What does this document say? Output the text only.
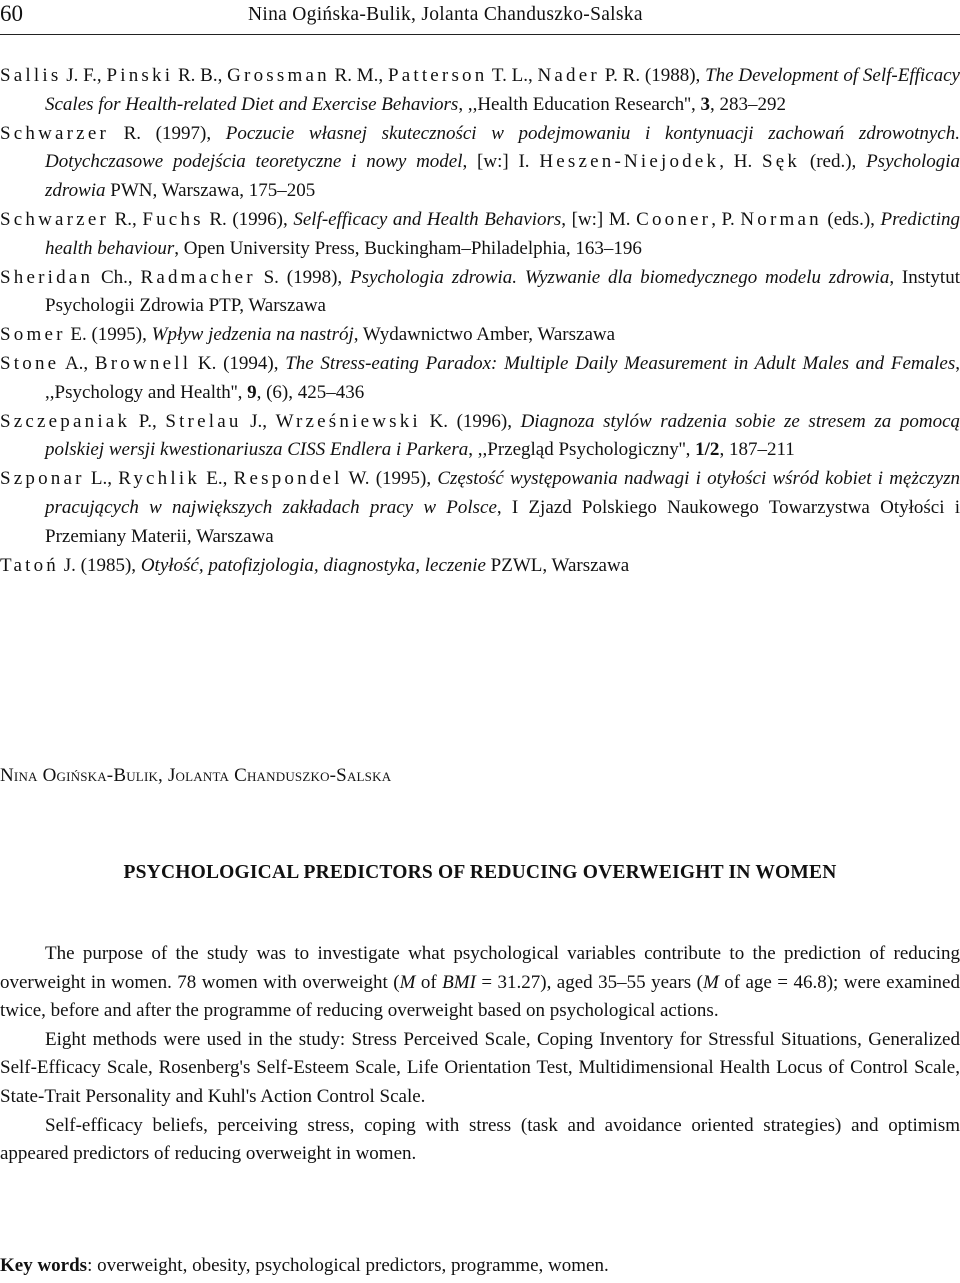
60	Nina Ogińska-Bulik, Jolanta Chanduszko-Salska
Sallis J. F., Pinski R. B., Grossman R. M., Patterson T. L., Nader P. R. (1988), The Development of Self-Efficacy Scales for Health-related Diet and Exercise Behaviors, ,,Health Education Research'', 3, 283–292
Schwarzer R. (1997), Poczucie własnej skuteczności w podejmowaniu i kontynuacji zachowań zdrowotnych. Dotychczasowe podejścia teoretyczne i nowy model, [w:] I. Heszen-Niejodek, H. Sęk (red.), Psychologia zdrowia PWN, Warszawa, 175–205
Schwarzer R., Fuchs R. (1996), Self-efficacy and Health Behaviors, [w:] M. Cooner, P. Norman (eds.), Predicting health behaviour, Open University Press, Buckingham–Philadelphia, 163–196
Sheridan Ch., Radmacher S. (1998), Psychologia zdrowia. Wyzwanie dla biomedycznego modelu zdrowia, Instytut Psychologii Zdrowia PTP, Warszawa
Somer E. (1995), Wpływ jedzenia na nastrój, Wydawnictwo Amber, Warszawa
Stone A., Brownell K. (1994), The Stress-eating Paradox: Multiple Daily Measurement in Adult Males and Females, ,,Psychology and Health'', 9, (6), 425–436
Szczepaniak P., Strelau J., Wrześniewski K. (1996), Diagnoza stylów radzenia sobie ze stresem za pomocą polskiej wersji kwestionariusza CISS Endlera i Parkera, ,,Przegląd Psychologiczny'', 1/2, 187–211
Szponar L., Rychlik E., Respondel W. (1995), Częstość występowania nadwagi i otyłości wśród kobiet i mężczyzn pracujących w największych zakładach pracy w Polsce, I Zjazd Polskiego Naukowego Towarzystwa Otyłości i Przemiany Materii, Warszawa
Tatoń J. (1985), Otyłość, patofizjologia, diagnostyka, leczenie PZWL, Warszawa
Nina Ogińska-Bulik, Jolanta Chanduszko-Salska
PSYCHOLOGICAL PREDICTORS OF REDUCING OVERWEIGHT IN WOMEN

The purpose of the study was to investigate what psychological variables contribute to the prediction of reducing overweight in women. 78 women with overweight (M of BMI = 31.27), aged 35–55 years (M of age = 46.8); were examined twice, before and after the programme of reducing overweight based on psychological actions.

Eight methods were used in the study: Stress Perceived Scale, Coping Inventory for Stressful Situations, Generalized Self-Efficacy Scale, Rosenberg's Self-Esteem Scale, Life Orientation Test, Multidimensional Health Locus of Control Scale, State-Trait Personality and Kuhl's Action Control Scale.

Self-efficacy beliefs, perceiving stress, coping with stress (task and avoidance oriented strategies) and optimism appeared predictors of reducing overweight in women.

Key words: overweight, obesity, psychological predictors, programme, women.
